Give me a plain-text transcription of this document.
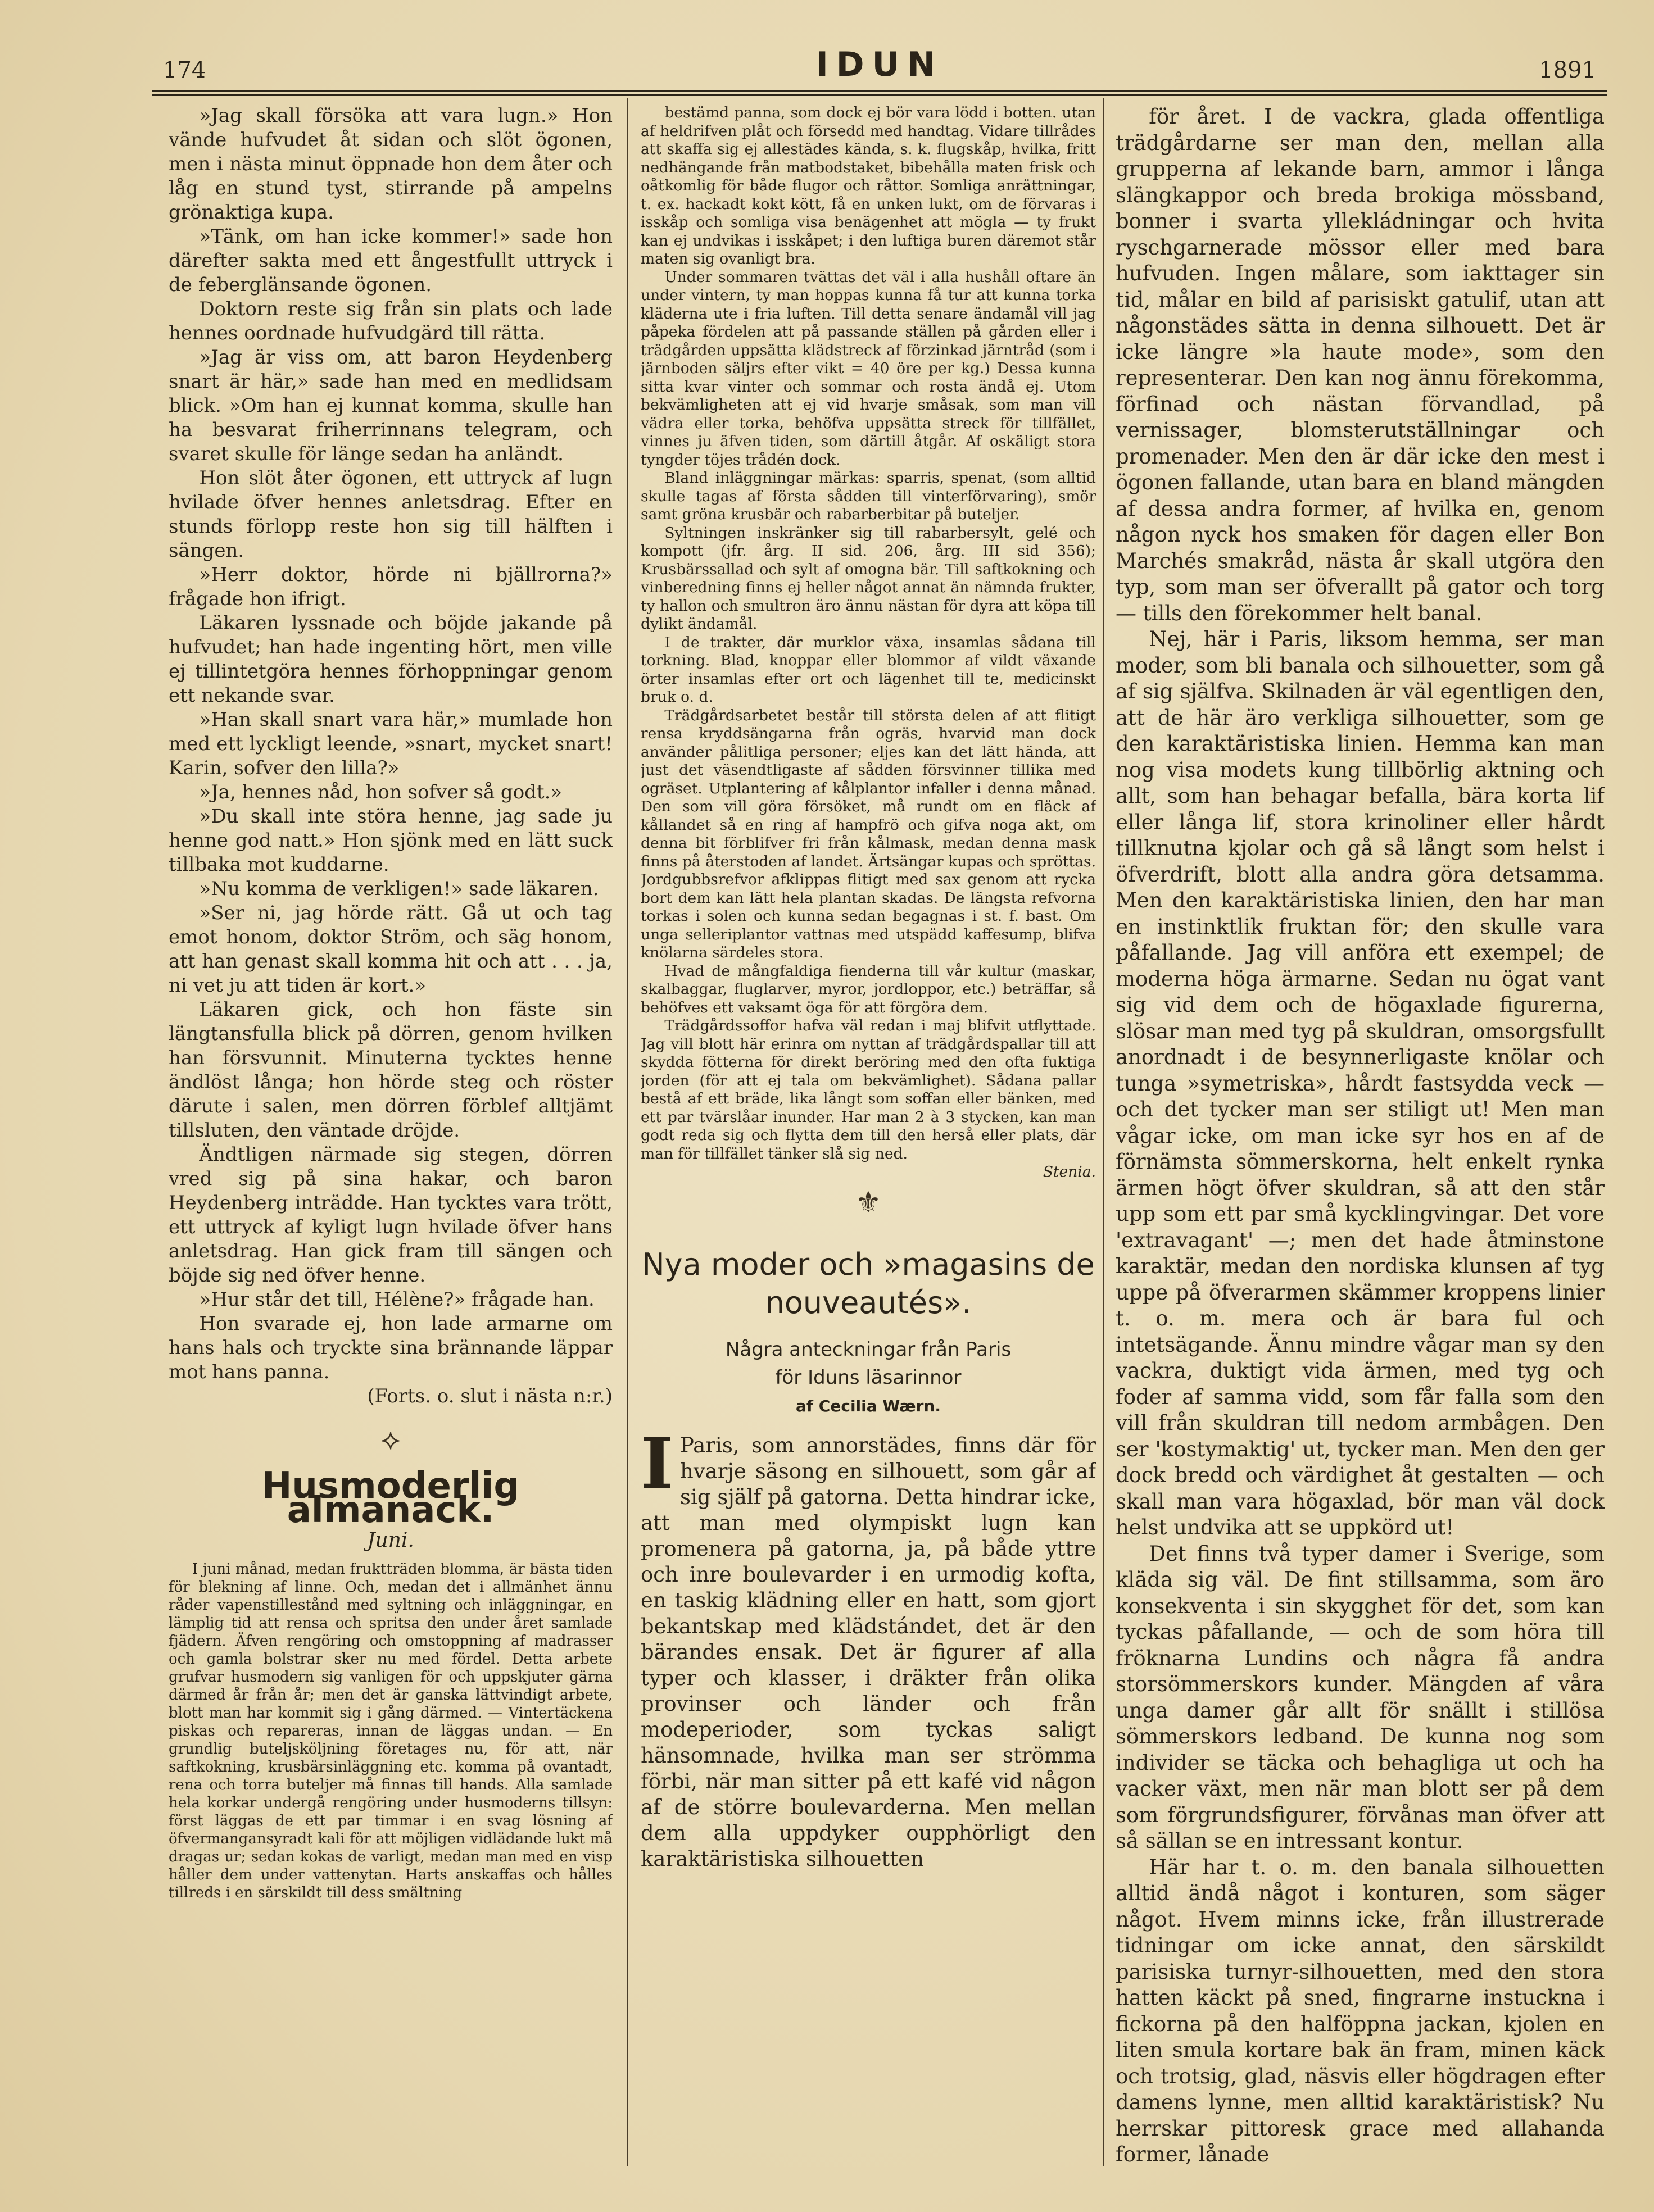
174	IDUN	1891

»Jag skall försöka att vara lugn.» Hon vände hufvudet åt sidan och slöt ögonen, men i nästa minut öppnade hon dem åter och låg en stund tyst, stirrande på ampelns grönaktiga kupa.

»Tänk, om han icke kommer!» sade hon därefter sakta med ett ångestfullt uttryck i de feberglänsande ögonen.

Doktorn reste sig från sin plats och lade hennes oordnade hufvudgärd till rätta.

»Jag är viss om, att baron Heydenberg snart är här,» sade han med en medlidsam blick. »Om han ej kunnat komma, skulle han ha besvarat friherrinnans telegram, och svaret skulle för länge sedan ha anländt.

Hon slöt åter ögonen, ett uttryck af lugn hvilade öfver hennes anletsdrag. Efter en stunds förlopp reste hon sig till hälften i sängen.

»Herr doktor, hörde ni bjällrorna?» frågade hon ifrigt.

Läkaren lyssnade och böjde jakande på hufvudet; han hade ingenting hört, men ville ej tillintetgöra hennes förhoppningar genom ett nekande svar.

»Han skall snart vara här,» mumlade hon med ett lyckligt leende, »snart, mycket snart! Karin, sofver den lilla?»

»Ja, hennes nåd, hon sofver så godt.»

»Du skall inte störa henne, jag sade ju henne god natt.» Hon sjönk med en lätt suck tillbaka mot kuddarne.

»Nu komma de verkligen!» sade läkaren.

»Ser ni, jag hörde rätt. Gå ut och tag emot honom, doktor Ström, och säg honom, att han genast skall komma hit och att . . . ja, ni vet ju att tiden är kort.»

Läkaren gick, och hon fäste sin längtansfulla blick på dörren, genom hvilken han försvunnit. Minuterna tycktes henne ändlöst långa; hon hörde steg och röster därute i salen, men dörren förblef alltjämt tillsluten, den väntade dröjde.

Ändtligen närmade sig stegen, dörren vred sig på sina hakar, och baron Heydenberg inträdde. Han tycktes vara trött, ett uttryck af kyligt lugn hvilade öfver hans anletsdrag. Han gick fram till sängen och böjde sig ned öfver henne.

»Hur står det till, Hélène?» frågade han.

Hon svarade ej, hon lade armarne om hans hals och tryckte sina brännande läppar mot hans panna.

(Forts. o. slut i nästa n:r.)

⟡
Husmoderlig almanack.
Juni.

I juni månad, medan fruktträden blomma, är bästa tiden för blekning af linne. Och, medan det i allmänhet ännu råder vapenstillestånd med syltning och inläggningar, en lämplig tid att rensa och spritsa den under året samlade fjädern. Äfven rengöring och omstoppning af madrasser och gamla bolstrar sker nu med fördel. Detta arbete grufvar husmodern sig vanligen för och uppskjuter gärna därmed år från år; men det är ganska lättvindigt arbete, blott man har kommit sig i gång därmed. — Vintertäckena piskas och repareras, innan de läggas undan. — En grundlig buteljsköljning företages nu, för att, när saftkokning, krusbärsinläggning etc. komma på ovantadt, rena och torra buteljer må finnas till hands. Alla samlade hela korkar undergå rengöring under husmoderns tillsyn: först läggas de ett par timmar i en svag lösning af öfvermangansyradt kali för att möjligen vidlädande lukt må dragas ur; sedan kokas de varligt, medan man med en visp håller dem under vattenytan. Harts anskaffas och hålles tillreds i en särskildt till dess smältning

bestämd panna, som dock ej bör vara lödd i botten. utan af heldrifven plåt och försedd med handtag. Vidare tillrådes att skaffa sig ej allestädes kända, s. k. flugskåp, hvilka, fritt nedhängande från matbodstaket, bibehålla maten frisk och oåtkomlig för både flugor och råttor. Somliga anrättningar, t. ex. hackadt kokt kött, få en unken lukt, om de förvaras i isskåp och somliga visa benägenhet att mögla — ty frukt kan ej undvikas i isskåpet; i den luftiga buren däremot står maten sig ovanligt bra.

Under sommaren tvättas det väl i alla hushåll oftare än under vintern, ty man hoppas kunna få tur att kunna torka kläderna ute i fria luften. Till detta senare ändamål vill jag påpeka fördelen att på passande ställen på gården eller i trädgården uppsätta klädstreck af förzinkad järntråd (som i järnboden säljrs efter vikt = 40 öre per kg.) Dessa kunna sitta kvar vinter och sommar och rosta ändå ej. Utom bekvämligheten att ej vid hvarje småsak, som man vill vädra eller torka, behöfva uppsätta streck för tillfället, vinnes ju äfven tiden, som därtill åtgår. Af oskäligt stora tyngder töjes trådén dock.

Bland inläggningar märkas: sparris, spenat, (som alltid skulle tagas af första sådden till vinterförvaring), smör samt gröna krusbär och rabarberbitar på buteljer.

Syltningen inskränker sig till rabarbersylt, gelé och kompott (jfr. årg. II sid. 206, årg. III sid 356); Krusbärssallad och sylt af omogna bär. Till saftkokning och vinberedning finns ej heller något annat än nämnda frukter, ty hallon och smultron äro ännu nästan för dyra att köpa till dylikt ändamål.

I de trakter, där murklor växa, insamlas sådana till torkning. Blad, knoppar eller blommor af vildt växande örter insamlas efter ort och lägenhet till te, medicinskt bruk o. d.

Trädgårdsarbetet består till största delen af att flitigt rensa kryddsängarna från ogräs, hvarvid man dock använder pålitliga personer; eljes kan det lätt hända, att just det väsendtligaste af sådden försvinner tillika med ogräset. Utplantering af kålplantor infaller i denna månad. Den som vill göra försöket, må rundt om en fläck af kållandet så en ring af hampfrö och gifva noga akt, om denna bit förblifver fri från kålmask, medan denna mask finns på återstoden af landet. Ärtsängar kupas och spröttas. Jordgubbsrefvor afklippas flitigt med sax genom att rycka bort dem kan lätt hela plantan skadas. De längsta refvorna torkas i solen och kunna sedan begagnas i st. f. bast. Om unga selleriplantor vattnas med utspädd kaffesump, blifva knölarna särdeles stora.

Hvad de mångfaldiga fienderna till vår kultur (maskar, skalbaggar, fluglarver, myror, jordloppor, etc.) beträffar, så behöfves ett vaksamt öga för att förgöra dem.

Trädgårdssoffor hafva väl redan i maj blifvit utflyttade. Jag vill blott här erinra om nyttan af trädgårdspallar till att skydda fötterna för direkt beröring med den ofta fuktiga jorden (för att ej tala om bekvämlighet). Sådana pallar bestå af ett bräde, lika långt som soffan eller bänken, med ett par tvärslåar inunder. Har man 2 à 3 stycken, kan man godt reda sig och flytta dem till den herså eller plats, där man för tillfället tänker slå sig ned.

Stenia.

⚜
Nya moder och »magasins de nouveautés».
Några anteckningar från Paris
för Iduns läsarinnor
af Cecilia Wærn.
I Paris, som annorstädes, finns där för hvarje säsong en silhouett, som går af sig själf på gatorna. Detta hindrar icke, att man med olympiskt lugn kan promenera på gatorna, ja, på både yttre och inre boulevarder i en urmodig kofta, en taskig klädning eller en hatt, som gjort bekantskap med klädstándet, det är den bärandes ensak. Det är figurer af alla typer och klasser, i dräkter från olika provinser och länder och från modeperioder, som tyckas saligt hänsomnade, hvilka man ser strömma förbi, när man sitter på ett kafé vid någon af de större boulevarderna. Men mellan dem alla uppdyker oupphörligt den karaktäristiska silhouetten

för året. I de vackra, glada offentliga trädgårdarne ser man den, mellan alla grupperna af lekande barn, ammor i långa slängkappor och breda brokiga mössband, bonner i svarta yllekládningar och hvita ryschgarnerade mössor eller med bara hufvuden. Ingen målare, som iakttager sin tid, målar en bild af parisiskt gatulif, utan att någonstädes sätta in denna silhouett. Det är icke längre »la haute mode», som den representerar. Den kan nog ännu förekomma, förfinad och nästan förvandlad, på vernissager, blomsterutställningar och promenader. Men den är där icke den mest i ögonen fallande, utan bara en bland mängden af dessa andra former, af hvilka en, genom någon nyck hos smaken för dagen eller Bon Marchés smakråd, nästa år skall utgöra den typ, som man ser öfverallt på gator och torg — tills den förekommer helt banal.

Nej, här i Paris, liksom hemma, ser man moder, som bli banala och silhouetter, som gå af sig själfva. Skilnaden är väl egentligen den, att de här äro verkliga silhouetter, som ge den karaktäristiska linien. Hemma kan man nog visa modets kung tillbörlig aktning och allt, som han behagar befalla, bära korta lif eller långa lif, stora krinoliner eller hårdt tillknutna kjolar och gå så långt som helst i öfverdrift, blott alla andra göra detsamma. Men den karaktäristiska linien, den har man en instinktlik fruktan för; den skulle vara påfallande. Jag vill anföra ett exempel; de moderna höga ärmarne. Sedan nu ögat vant sig vid dem och de högaxlade figurerna, slösar man med tyg på skuldran, omsorgsfullt anordnadt i de besynnerligaste knölar och tunga »symetriska», hårdt fastsydda veck — och det tycker man ser stiligt ut! Men man vågar icke, om man icke syr hos en af de förnämsta sömmerskorna, helt enkelt rynka ärmen högt öfver skuldran, så att den står upp som ett par små kycklingvingar. Det vore 'extravagant' —; men det hade åtminstone karaktär, medan den nordiska klunsen af tyg uppe på öfverarmen skämmer kroppens linier t. o. m. mera och är bara ful och intetsägande. Ännu mindre vågar man sy den vackra, duktigt vida ärmen, med tyg och foder af samma vidd, som får falla som den vill från skuldran till nedom armbågen. Den ser 'kostymaktig' ut, tycker man. Men den ger dock bredd och värdighet åt gestalten — och skall man vara högaxlad, bör man väl dock helst undvika att se uppkörd ut!

Det finns två typer damer i Sverige, som kläda sig väl. De fint stillsamma, som äro konsekventa i sin skygghet för det, som kan tyckas påfallande, — och de som höra till fröknarna Lundins och några få andra storsömmerskors kunder. Mängden af våra unga damer går allt för snällt i stillösa sömmerskors ledband. De kunna nog som individer se täcka och behagliga ut och ha vacker växt, men när man blott ser på dem som förgrundsfigurer, förvånas man öfver att så sällan se en intressant kontur.

Här har t. o. m. den banala silhouetten alltid ändå något i konturen, som säger något. Hvem minns icke, från illustrerade tidningar om icke annat, den särskildt parisiska turnyr-silhouetten, med den stora hatten käckt på sned, fingrarne instuckna i fickorna på den halföppna jackan, kjolen en liten smula kortare bak än fram, minen käck och trotsig, glad, näsvis eller högdragen efter damens lynne, men alltid karaktäristisk? Nu herrskar pittoresk grace med allahanda former, lånade
